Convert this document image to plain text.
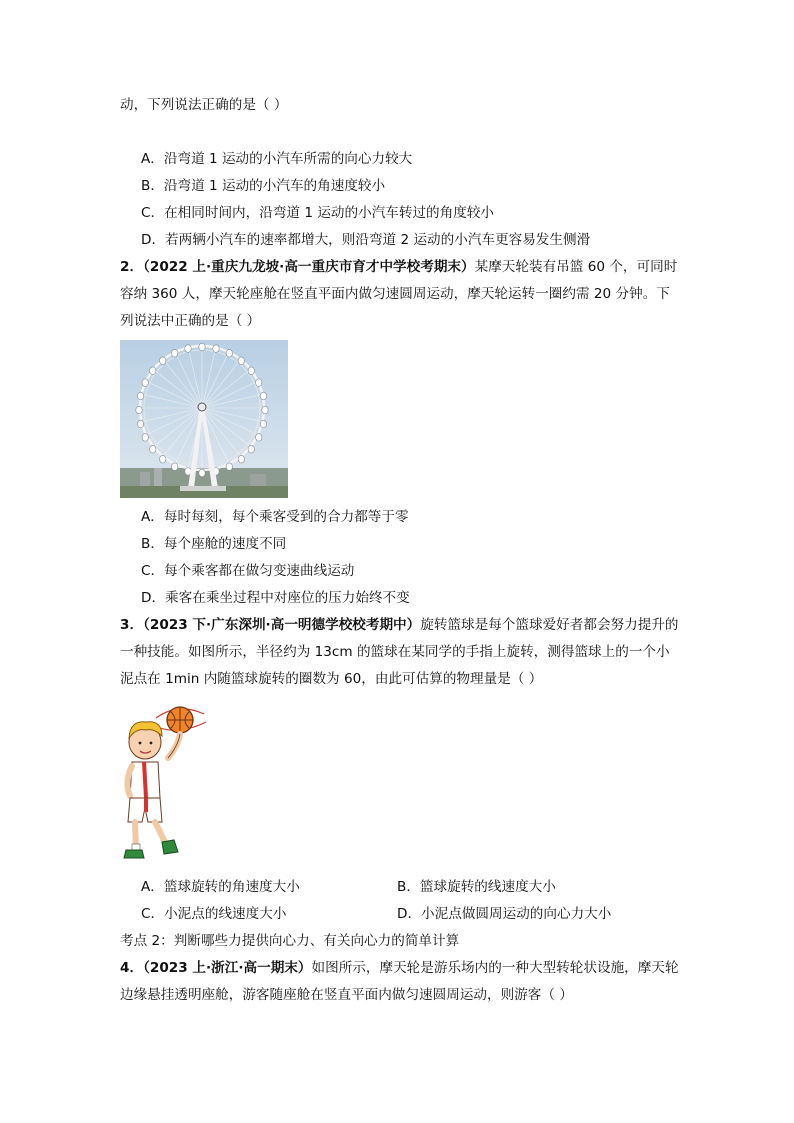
动，下列说法正确的是（ ）
A．沿弯道 1 运动的小汽车所需的向心力较大
B．沿弯道 1 运动的小汽车的角速度较小
C．在相同时间内，沿弯道 1 运动的小汽车转过的角度较小
D．若两辆小汽车的速率都增大，则沿弯道 2 运动的小汽车更容易发生侧滑
2．（2022 上·重庆九龙坡·高一重庆市育才中学校考期末）某摩天轮装有吊篮 60 个，可同时
容纳 360 人，摩天轮座舱在竖直平面内做匀速圆周运动，摩天轮运转一圈约需 20 分钟。下
列说法中正确的是（ ）
A．每时每刻，每个乘客受到的合力都等于零
B．每个座舱的速度不同
C．每个乘客都在做匀变速曲线运动
D．乘客在乘坐过程中对座位的压力始终不变
3．（2023 下·广东深圳·高一明德学校校考期中）旋转篮球是每个篮球爱好者都会努力提升的
一种技能。如图所示，半径约为 13cm 的篮球在某同学的手指上旋转，测得篮球上的一个小
泥点在 1min 内随篮球旋转的圈数为 60，由此可估算的物理量是（ ）
A．篮球旋转的角速度大小	B．篮球旋转的线速度大小
C．小泥点的线速度大小	D．小泥点做圆周运动的向心力大小
考点 2：判断哪些力提供向心力、有关向心力的简单计算
4．（2023 上·浙江·高一期末）如图所示，摩天轮是游乐场内的一种大型转轮状设施，摩天轮
边缘悬挂透明座舱，游客随座舱在竖直平面内做匀速圆周运动，则游客（ ）
